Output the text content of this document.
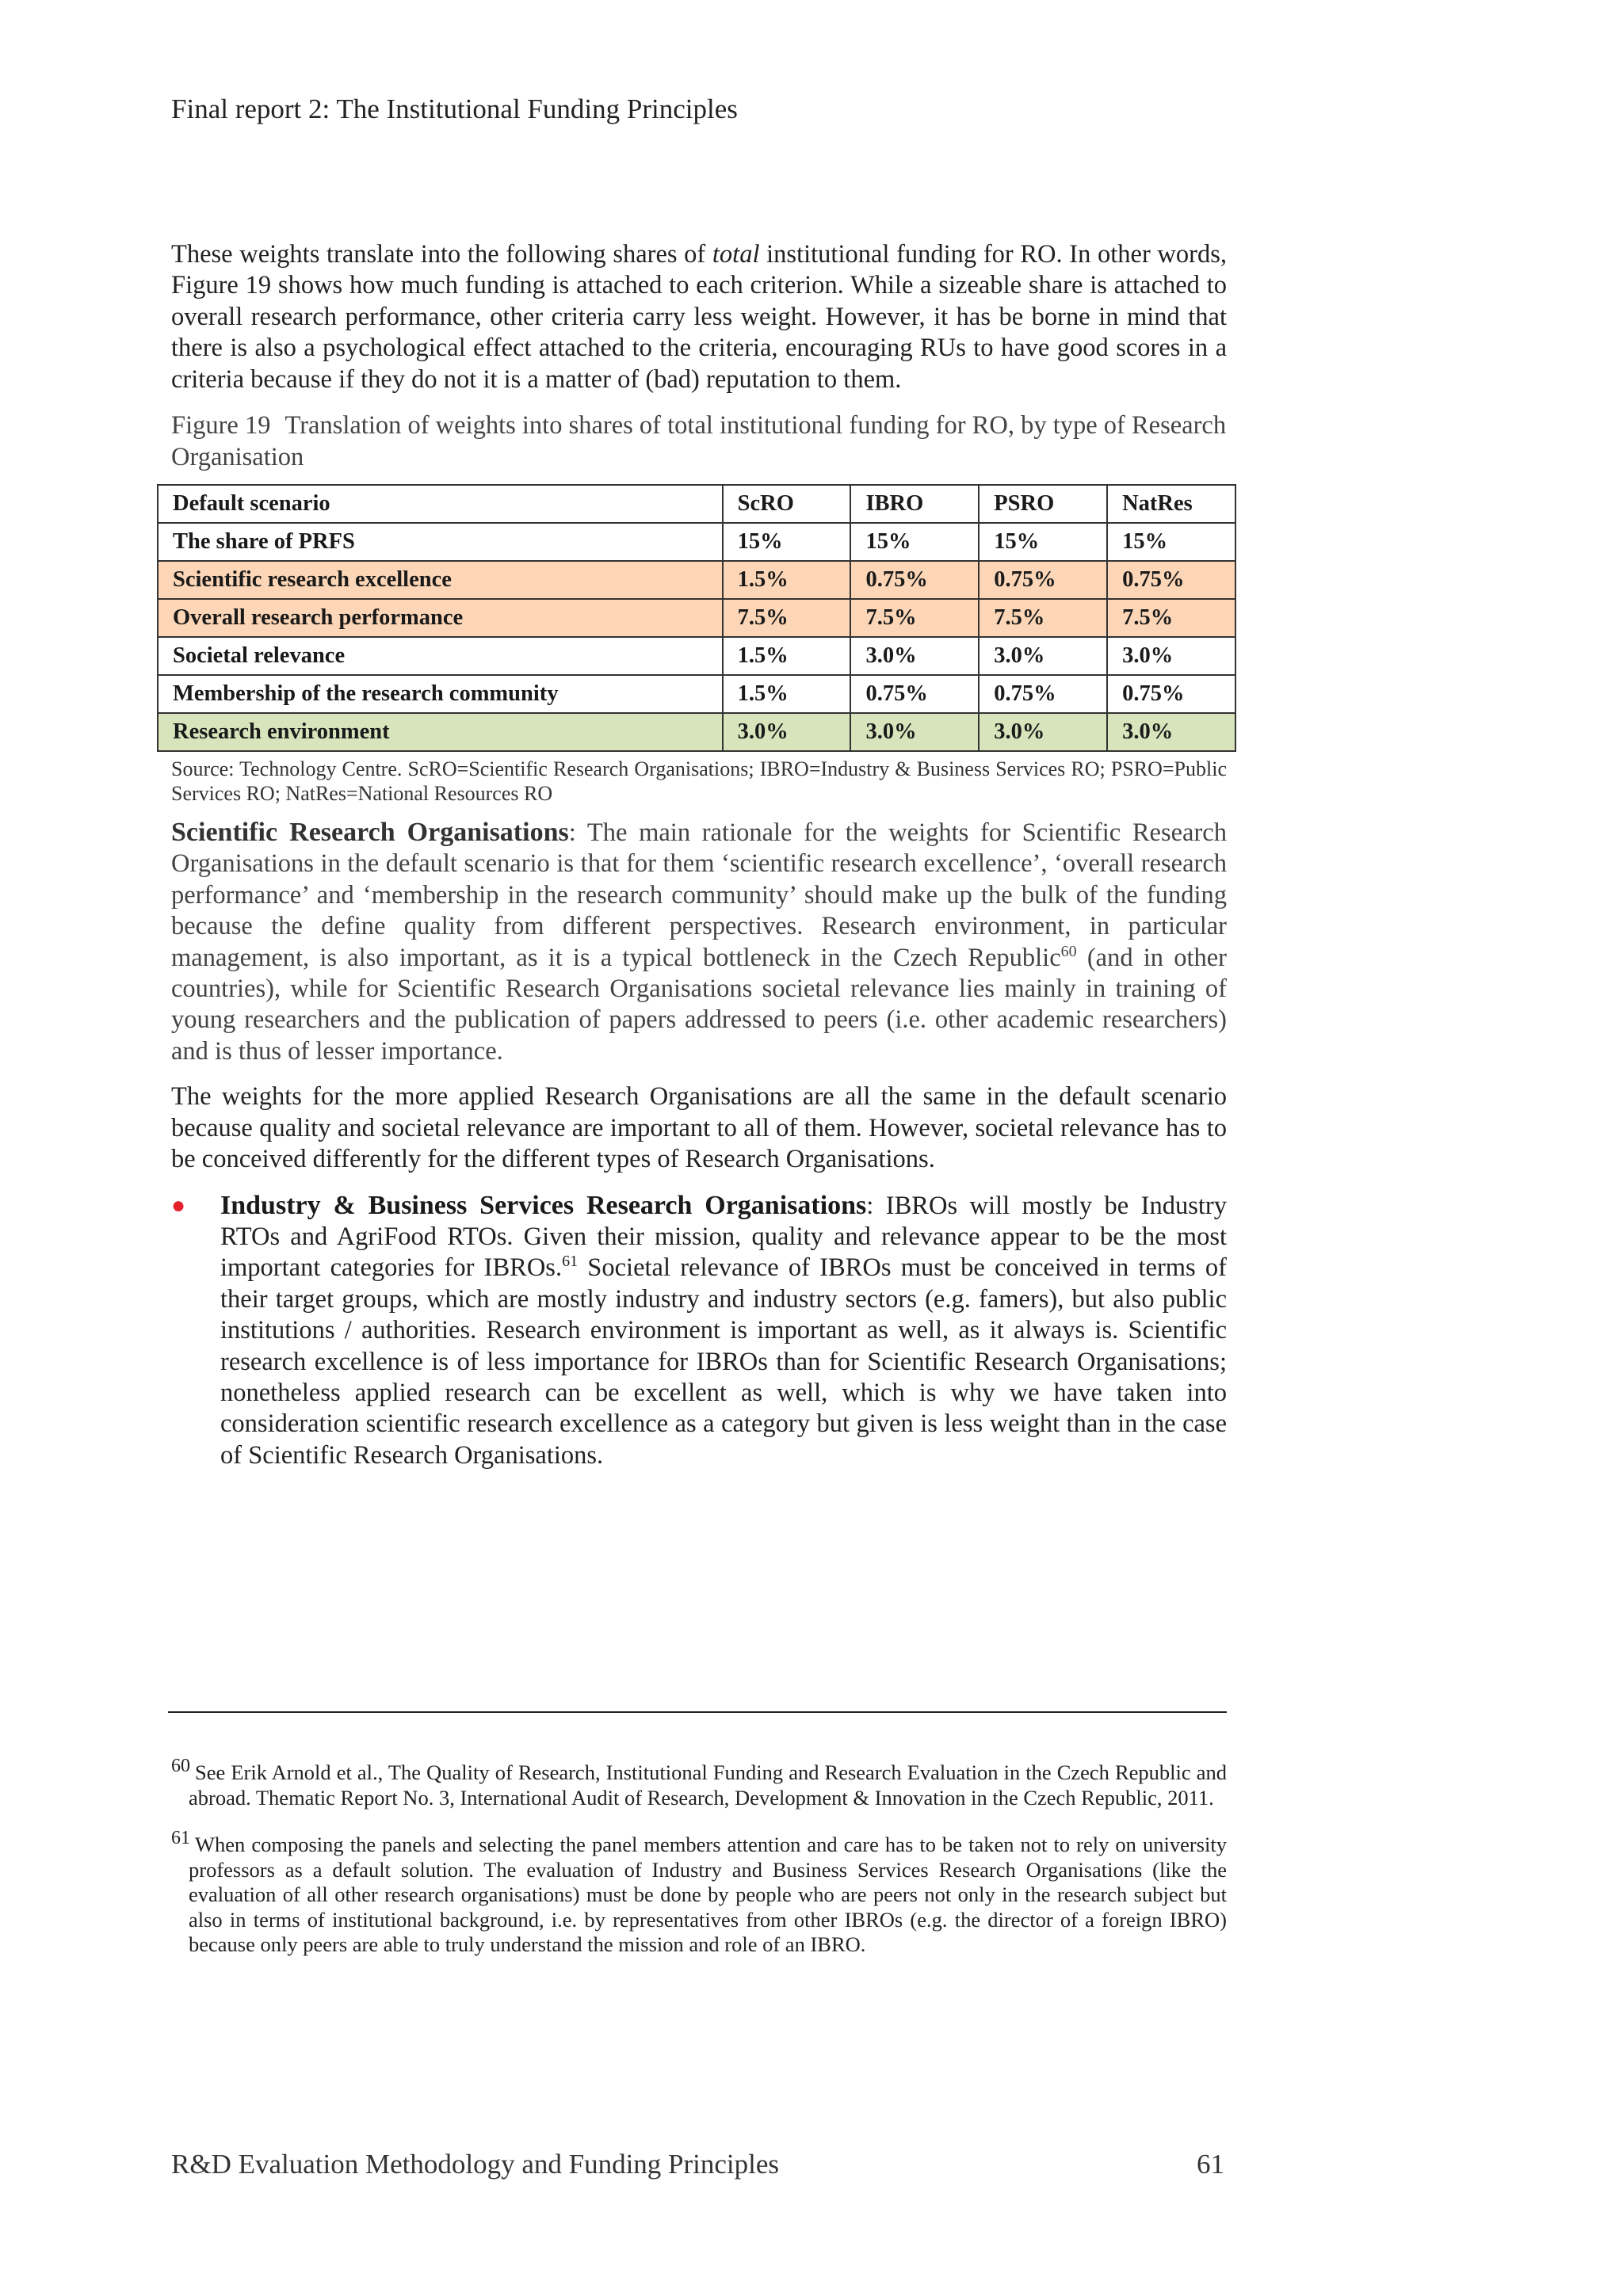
Final report 2: The Institutional Funding Principles

These weights translate into the following shares of total institutional funding for RO. In other words, Figure 19 shows how much funding is attached to each criterion. While a sizeable share is attached to overall research performance, other criteria carry less weight. However, it has be borne in mind that there is also a psychological effect attached to the criteria, encouraging RUs to have good scores in a criteria because if they do not it is a matter of (bad) reputation to them.

Figure 19 Translation of weights into shares of total institutional funding for RO, by type of Research Organisation
Default scenario	ScRO	IBRO	PSRO	NatRes
The share of PRFS	15%	15%	15%	15%
Scientific research excellence	1.5%	0.75%	0.75%	0.75%
Overall research performance	7.5%	7.5%	7.5%	7.5%
Societal relevance	1.5%	3.0%	3.0%	3.0%
Membership of the research community	1.5%	0.75%	0.75%	0.75%
Research environment	3.0%	3.0%	3.0%	3.0%
Source: Technology Centre. ScRO=Scientific Research Organisations; IBRO=Industry & Business Services RO; PSRO=Public Services RO; NatRes=National Resources RO

Scientific Research Organisations: The main rationale for the weights for Scientific Research Organisations in the default scenario is that for them ‘scientific research excellence’, ‘overall research performance’ and ‘membership in the research community’ should make up the bulk of the funding because the define quality from different perspectives. Research environment, in particular management, is also important, as it is a typical bottleneck in the Czech Republic$^{60}$ (and in other countries), while for Scientific Research Organisations societal relevance lies mainly in training of young researchers and the publication of papers addressed to peers (i.e. other academic researchers) and is thus of lesser importance.

The weights for the more applied Research Organisations are all the same in the default scenario because quality and societal relevance are important to all of them. However, societal relevance has to be conceived differently for the different types of Research Organisations.

● Industry & Business Services Research Organisations: IBROs will mostly be Industry RTOs and AgriFood RTOs. Given their mission, quality and relevance appear to be the most important categories for IBROs.$^{61}$ Societal relevance of IBROs must be conceived in terms of their target groups, which are mostly industry and industry sectors (e.g. famers), but also public institutions / authorities. Research environment is important as well, as it always is. Scientific research excellence is of less importance for IBROs than for Scientific Research Organisations; nonetheless applied research can be excellent as well, which is why we have taken into consideration scientific research excellence as a category but given is less weight than in the case of Scientific Research Organisations.

60 See Erik Arnold et al., The Quality of Research, Institutional Funding and Research Evaluation in the Czech Republic and abroad. Thematic Report No. 3, International Audit of Research, Development & Innovation in the Czech Republic, 2011.
61 When composing the panels and selecting the panel members attention and care has to be taken not to rely on university professors as a default solution. The evaluation of Industry and Business Services Research Organisations (like the evaluation of all other research organisations) must be done by people who are peers not only in the research subject but also in terms of institutional background, i.e. by representatives from other IBROs (e.g. the director of a foreign IBRO) because only peers are able to truly understand the mission and role of an IBRO.
R&D Evaluation Methodology and Funding Principles	61
